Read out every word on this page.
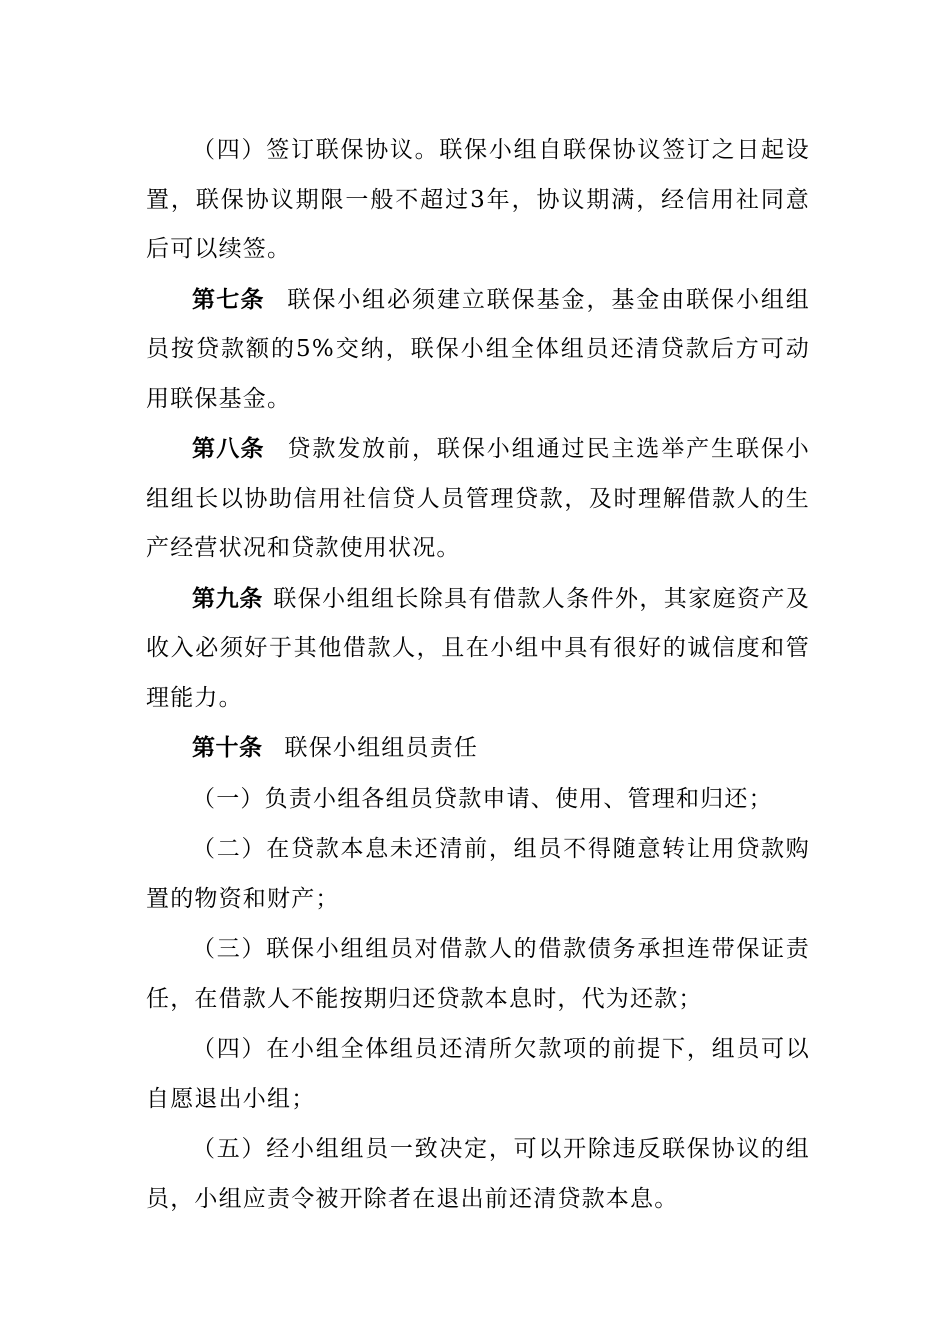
（四）签订联保协议。联保小组自联保协议签订之日起设置，联保协议期限一般不超过3年，协议期满，经信用社同意后可以续签。

第七条 联保小组必须建立联保基金，基金由联保小组组员按贷款额的5%交纳，联保小组全体组员还清贷款后方可动用联保基金。

第八条 贷款发放前，联保小组通过民主选举产生联保小组组长以协助信用社信贷人员管理贷款，及时理解借款人的生产经营状况和贷款使用状况。

第九条 联保小组组长除具有借款人条件外，其家庭资产及收入必须好于其他借款人，且在小组中具有很好的诚信度和管理能力。

第十条 联保小组组员责任

（一）负责小组各组员贷款申请、使用、管理和归还；

（二）在贷款本息未还清前，组员不得随意转让用贷款购置的物资和财产；

（三）联保小组组员对借款人的借款债务承担连带保证责任，在借款人不能按期归还贷款本息时，代为还款；

（四）在小组全体组员还清所欠款项的前提下，组员可以自愿退出小组；

（五）经小组组员一致决定，可以开除违反联保协议的组员，小组应责令被开除者在退出前还清贷款本息。
